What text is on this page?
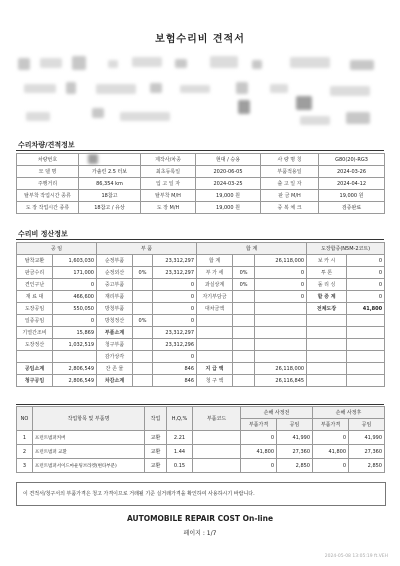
보험수리비 견적서
수리차량/견적정보
차량번호		제작사/차종	현대 / 승용	사 량 명 칭	G80(20)-RG3
모 델 명	가솔린 2.5 터보	최초등록일	2020-06-05	부품적용일	2024-03-26
주행거리	86,354 km	입 고 일 자	2024-03-25	출 고 일 자	2024-04-12
탈부착 작업시간 종류	18참고	탈부착 M/H	19,000 원	판 금 M/H	19,000 원
도 장 작업시간 종류	18참고 / 유상	도 장 M/H	19,000 원	중 복 체 크	검증완료
수리비 정산정보
공 임		부 품			합 계			도장합증(N5M-2코트)	
탈착교환	1,603,030	순정부품		23,312,297	합 계		26,118,000	보 카 시	0
판금수리	171,000	순정외산	0%	23,312,297	부 가 세	0%	0	투 톤	0
견인구난	0	중고부품		0	과실상계	0%	0	돌 리 싱	0
재 료 대	466,600	재리부품		0	자기부담금		0	할 증 계	0
도장공임	550,050	방청부품		0	대차금액			전체도장	41,800
일증공임	0	방청정산	0%	0					
기열간조비	15,869	부품소계		23,312,297					
도장정산	1,032,519	청구부품		23,312,296					
		감가상각		0					
공임소계	2,806,549	잔 존 물		846	지 급 액		26,118,000		
청구공임	2,806,549	차감소계		846	청 구 액		26,116,845		
NO	작업항목 및 부품명	작업	H,Q,%	부품코드	손해 사정전		손해 사정후	
					부품가격	공임	부품가격	공임
1	프런트범퍼커버	교환	2.21		0	41,990	0	41,990
2	프런트범퍼 교환	교환	1.44		41,800	27,360	41,800	27,360
3	프런트범퍼서이드마운팅브라켓(변타부분)	교환	0.15		0	2,850	0	2,850
이 견적서/청구서의 부품가격은 청고 가격이므로 거래될 기준 실거래가격을 확인하여 사용하시기 바랍니다.
AUTOMOBILE REPAIR COST On-line
페이지 : 1/7
2024-05-08 13:05:19 ft.VEH
